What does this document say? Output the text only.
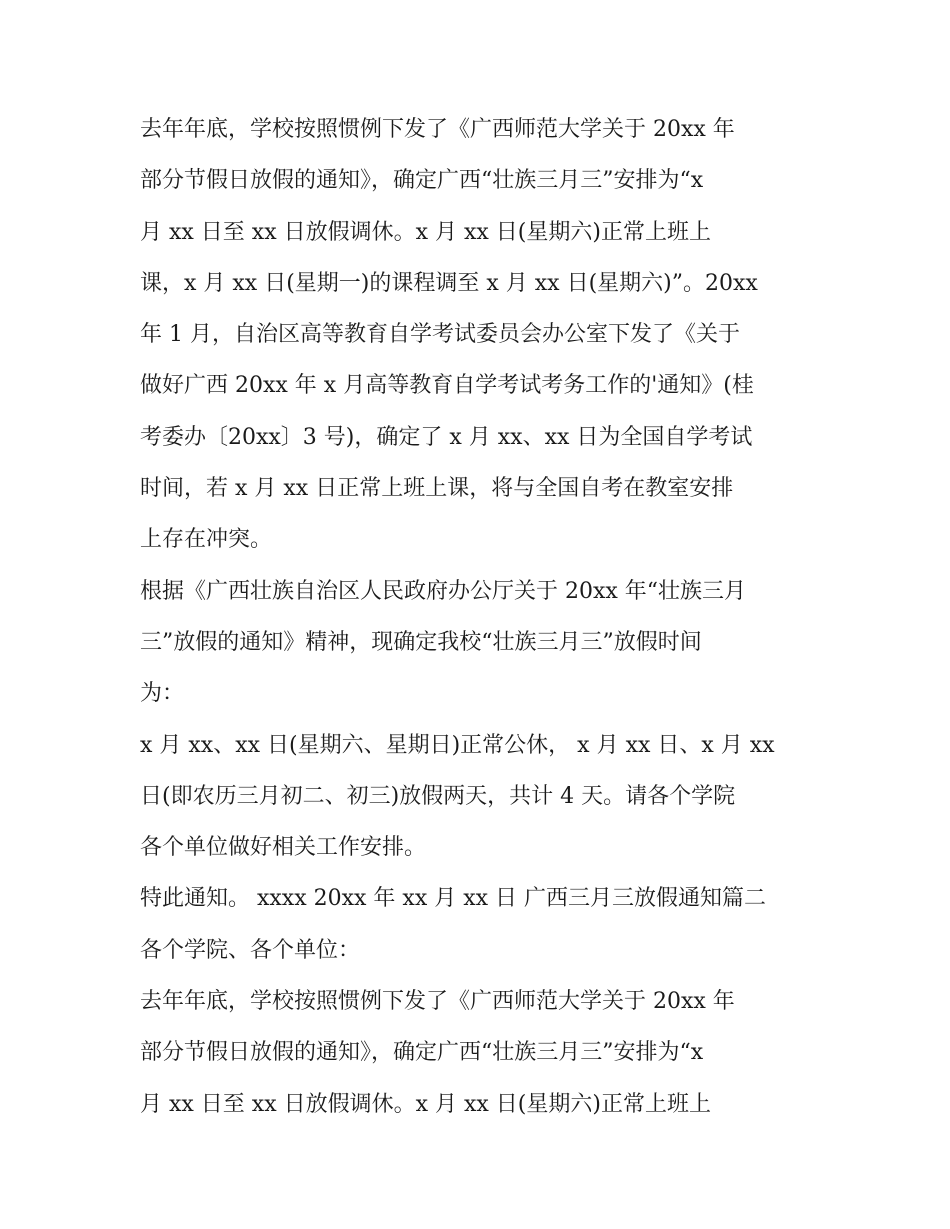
去年年底，学校按照惯例下发了《广西师范大学关于 20xx 年
部分节假日放假的通知》，确定广西“壮族三月三”安排为“x
月 xx 日至 xx 日放假调休。x 月 xx 日(星期六)正常上班上
课，x 月 xx 日(星期一)的课程调至 x 月 xx 日(星期六)”。20xx
年 1 月，自治区高等教育自学考试委员会办公室下发了《关于
做好广西 20xx 年 x 月高等教育自学考试考务工作的'通知》(桂
考委办〔20xx〕3 号)，确定了 x 月 xx、xx 日为全国自学考试
时间，若 x 月 xx 日正常上班上课，将与全国自考在教室安排
上存在冲突。
根据《广西壮族自治区人民政府办公厅关于 20xx 年“壮族三月
三”放假的通知》精神，现确定我校“壮族三月三”放假时间
为：
x 月 xx、xx 日(星期六、星期日)正常公休， x 月 xx 日、x 月 xx
日(即农历三月初二、初三)放假两天，共计 4 天。请各个学院
各个单位做好相关工作安排。
特此通知。 xxxx 20xx 年 xx 月 xx 日 广西三月三放假通知篇二
各个学院、各个单位：
去年年底，学校按照惯例下发了《广西师范大学关于 20xx 年
部分节假日放假的通知》，确定广西“壮族三月三”安排为“x
月 xx 日至 xx 日放假调休。x 月 xx 日(星期六)正常上班上
